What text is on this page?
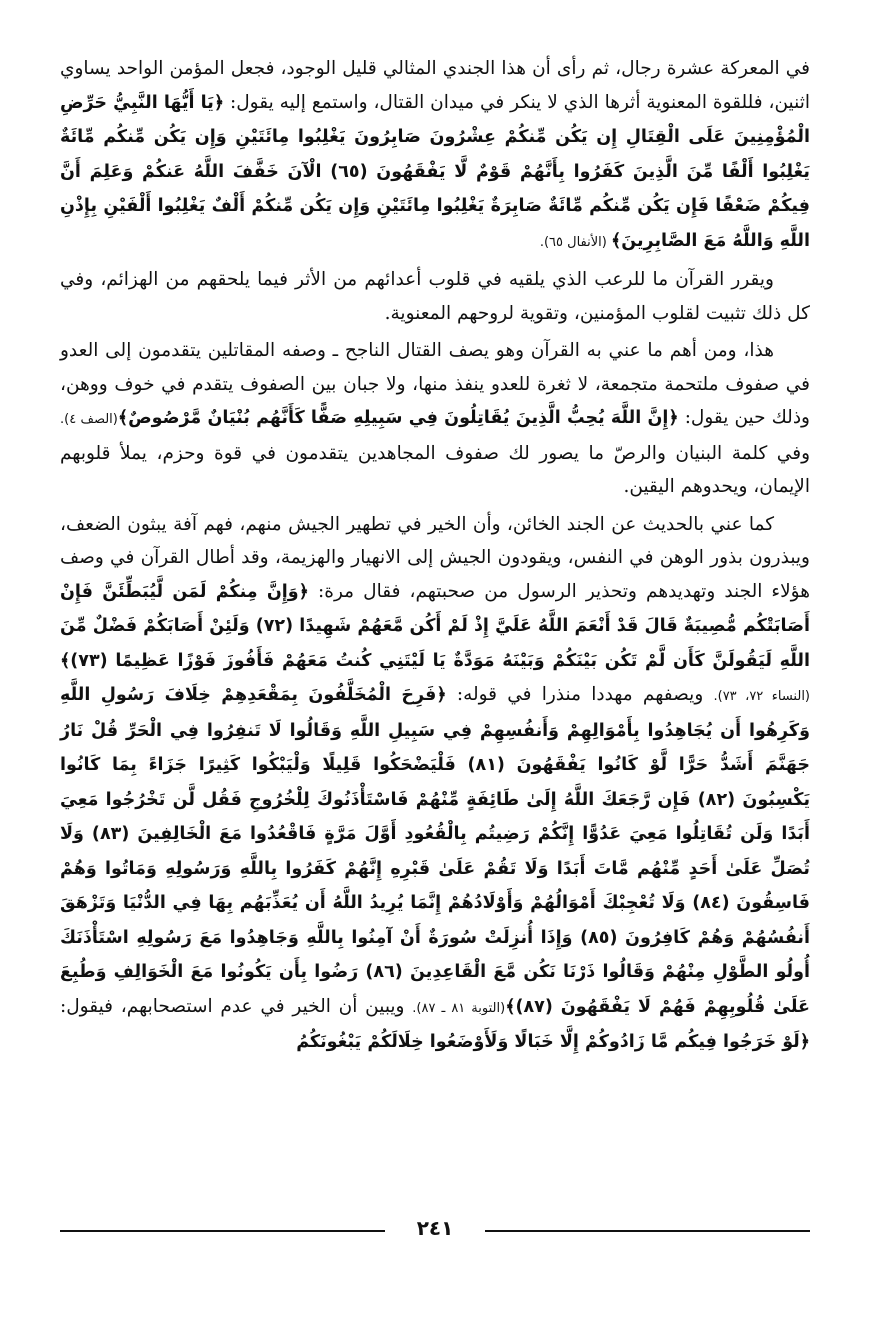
في المعركة عشرة رجال، ثم رأى أن هذا الجندي المثالي قليل الوجود، فجعل المؤمن الواحد يساوي اثنين، فللقوة المعنوية أثرها الذي لا ينكر في ميدان القتال، واستمع إليه يقول: ﴿يَا أَيُّهَا النَّبِيُّ حَرِّضِ الْمُؤْمِنِينَ عَلَى الْقِتَالِ إِن يَكُن مِّنكُمْ عِشْرُونَ صَابِرُونَ يَغْلِبُوا مِائَتَيْنِ وَإِن يَكُن مِّنكُم مِّائَةٌ يَغْلِبُوا أَلْفًا مِّنَ الَّذِينَ كَفَرُوا بِأَنَّهُمْ قَوْمٌ لَّا يَفْقَهُونَ (٦٥) الْآنَ خَفَّفَ اللَّهُ عَنكُمْ وَعَلِمَ أَنَّ فِيكُمْ ضَعْفًا فَإِن يَكُن مِّنكُم مِّائَةٌ صَابِرَةٌ يَغْلِبُوا مِائَتَيْنِ وَإِن يَكُن مِّنكُمْ أَلْفٌ يَغْلِبُوا أَلْفَيْنِ بِإِذْنِ اللَّهِ وَاللَّهُ مَعَ الصَّابِرِينَ﴾ (الأنفال ٦٥).

ويقرر القرآن ما للرعب الذي يلقيه في قلوب أعدائهم من الأثر فيما يلحقهم من الهزائم، وفي كل ذلك تثبيت لقلوب المؤمنين، وتقوية لروحهم المعنوية.

هذا، ومن أهم ما عني به القرآن وهو يصف القتال الناجح ـ وصفه المقاتلين يتقدمون إلى العدو في صفوف ملتحمة متجمعة، لا ثغرة للعدو ينفذ منها، ولا جبان بين الصفوف يتقدم في خوف ووهن، وذلك حين يقول: ﴿إِنَّ اللَّهَ يُحِبُّ الَّذِينَ يُقَاتِلُونَ فِي سَبِيلِهِ صَفًّا كَأَنَّهُم بُنْيَانٌ مَّرْصُوصٌ﴾(الصف ٤). وفي كلمة البنيان والرصّ ما يصور لك صفوف المجاهدين يتقدمون في قوة وحزم، يملأ قلوبهم الإيمان، ويحدوهم اليقين.

كما عني بالحديث عن الجند الخائن، وأن الخير في تطهير الجيش منهم، فهم آفة يبثون الضعف، ويبذرون بذور الوهن في النفس، ويقودون الجيش إلى الانهيار والهزيمة، وقد أطال القرآن في وصف هؤلاء الجند وتهديدهم وتحذير الرسول من صحبتهم، فقال مرة: ﴿وَإِنَّ مِنكُمْ لَمَن لَّيُبَطِّئَنَّ فَإِنْ أَصَابَتْكُم مُّصِيبَةٌ قَالَ قَدْ أَنْعَمَ اللَّهُ عَلَيَّ إِذْ لَمْ أَكُن مَّعَهُمْ شَهِيدًا (٧٢) وَلَئِنْ أَصَابَكُمْ فَضْلٌ مِّنَ اللَّهِ لَيَقُولَنَّ كَأَن لَّمْ تَكُن بَيْنَكُمْ وَبَيْنَهُ مَوَدَّةٌ يَا لَيْتَنِي كُنتُ مَعَهُمْ فَأَفُوزَ فَوْزًا عَظِيمًا (٧٣)﴾(النساء ٧٢، ٧٣). ويصفهم مهددا منذرا في قوله: ﴿فَرِحَ الْمُخَلَّفُونَ بِمَقْعَدِهِمْ خِلَافَ رَسُولِ اللَّهِ وَكَرِهُوا أَن يُجَاهِدُوا بِأَمْوَالِهِمْ وَأَنفُسِهِمْ فِي سَبِيلِ اللَّهِ وَقَالُوا لَا تَنفِرُوا فِي الْحَرِّ قُلْ نَارُ جَهَنَّمَ أَشَدُّ حَرًّا لَّوْ كَانُوا يَفْقَهُونَ (٨١) فَلْيَضْحَكُوا قَلِيلًا وَلْيَبْكُوا كَثِيرًا جَزَاءً بِمَا كَانُوا يَكْسِبُونَ (٨٢) فَإِن رَّجَعَكَ اللَّهُ إِلَىٰ طَائِفَةٍ مِّنْهُمْ فَاسْتَأْذَنُوكَ لِلْخُرُوجِ فَقُل لَّن تَخْرُجُوا مَعِيَ أَبَدًا وَلَن تُقَاتِلُوا مَعِيَ عَدُوًّا إِنَّكُمْ رَضِيتُم بِالْقُعُودِ أَوَّلَ مَرَّةٍ فَاقْعُدُوا مَعَ الْخَالِفِينَ (٨٣) وَلَا تُصَلِّ عَلَىٰ أَحَدٍ مِّنْهُم مَّاتَ أَبَدًا وَلَا تَقُمْ عَلَىٰ قَبْرِهِ إِنَّهُمْ كَفَرُوا بِاللَّهِ وَرَسُولِهِ وَمَاتُوا وَهُمْ فَاسِقُونَ (٨٤) وَلَا تُعْجِبْكَ أَمْوَالُهُمْ وَأَوْلَادُهُمْ إِنَّمَا يُرِيدُ اللَّهُ أَن يُعَذِّبَهُم بِهَا فِي الدُّنْيَا وَتَزْهَقَ أَنفُسُهُمْ وَهُمْ كَافِرُونَ (٨٥) وَإِذَا أُنزِلَتْ سُورَةٌ أَنْ آمِنُوا بِاللَّهِ وَجَاهِدُوا مَعَ رَسُولِهِ اسْتَأْذَنَكَ أُولُو الطَّوْلِ مِنْهُمْ وَقَالُوا ذَرْنَا نَكُن مَّعَ الْقَاعِدِينَ (٨٦) رَضُوا بِأَن يَكُونُوا مَعَ الْخَوَالِفِ وَطُبِعَ عَلَىٰ قُلُوبِهِمْ فَهُمْ لَا يَفْقَهُونَ (٨٧)﴾(التوبة ٨١ ـ ٨٧). ويبين أن الخير في عدم استصحابهم، فيقول: ﴿لَوْ خَرَجُوا فِيكُم مَّا زَادُوكُمْ إِلَّا خَبَالًا وَلَأَوْضَعُوا خِلَالَكُمْ يَبْغُونَكُمُ

٢٤١
